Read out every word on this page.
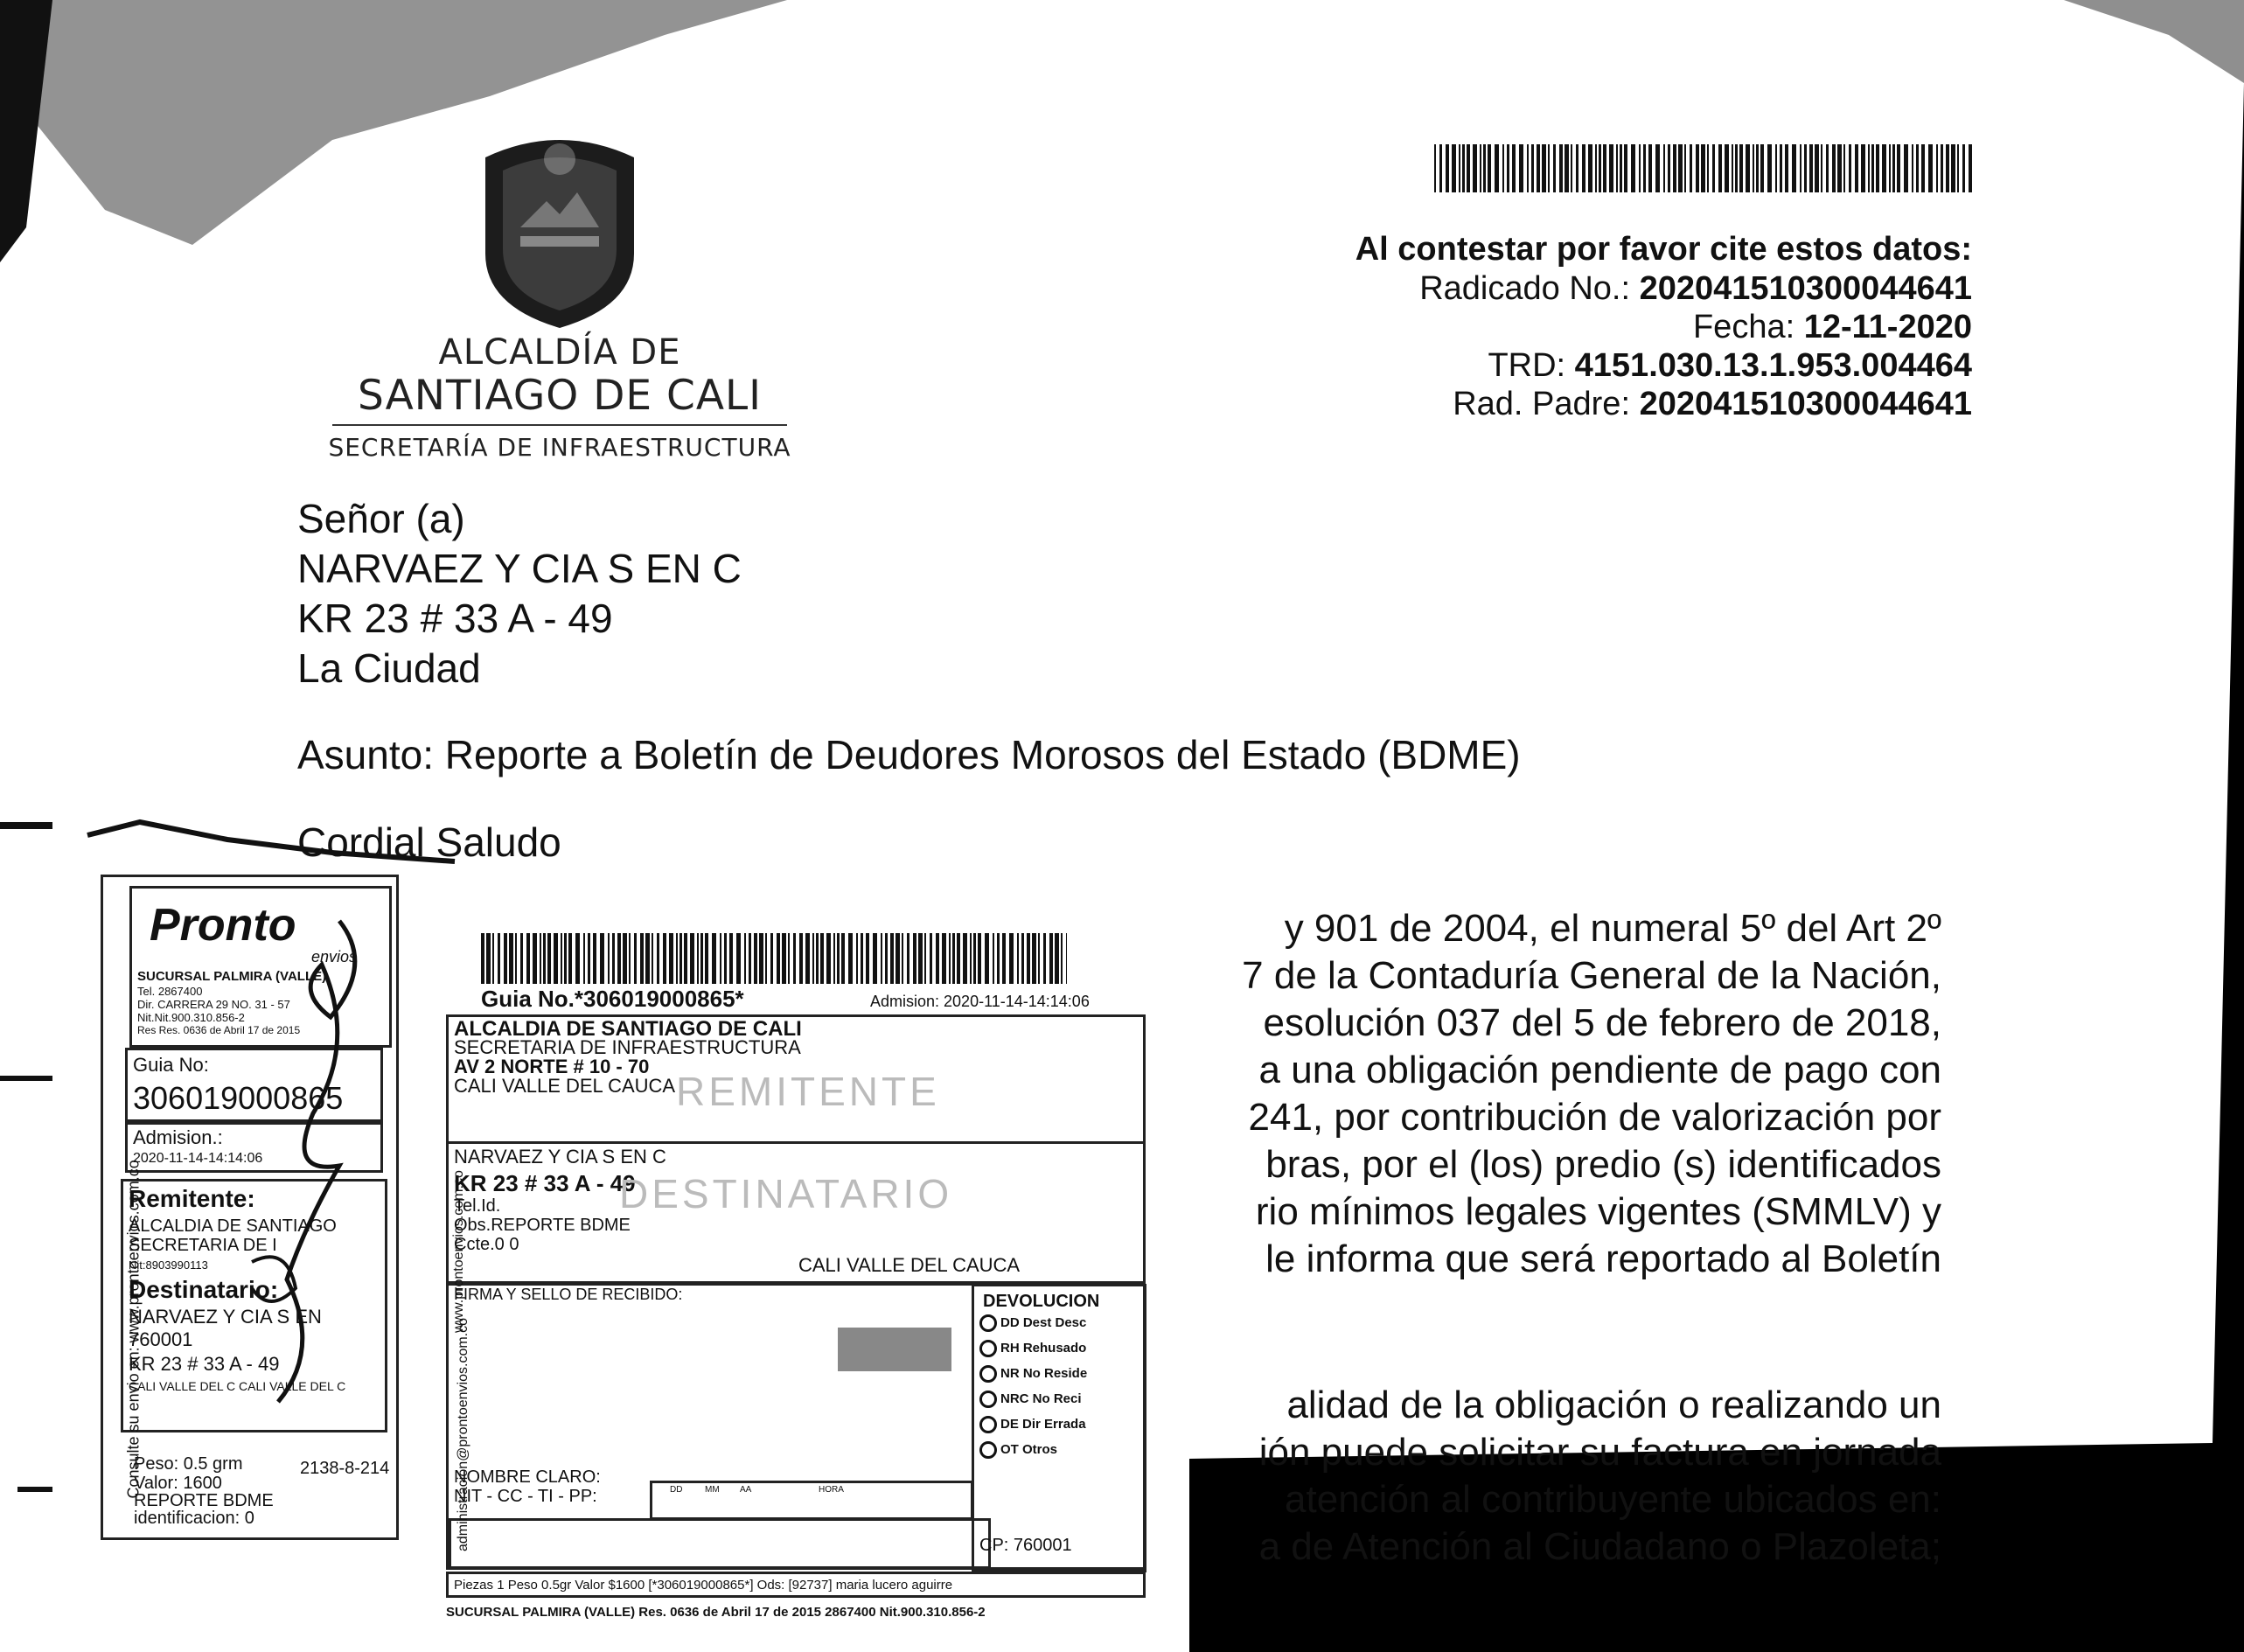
ALCALDÍA DE
SANTIAGO DE CALI
SECRETARÍA DE INFRAESTRUCTURA
Al contestar por favor cite estos datos:
Radicado No.: 202041510300044641
Fecha: 12-11-2020
TRD: 4151.030.13.1.953.004464
Rad. Padre: 202041510300044641
Señor (a)
NARVAEZ Y CIA S EN C
KR 23 # 33 A - 49
La Ciudad
Asunto: Reporte a Boletín de Deudores Morosos del Estado (BDME)
Cordial Saludo
y 901 de 2004, el numeral 5º del Art 2º
7 de la Contaduría General de la Nación,
esolución 037 del 5 de febrero de 2018,
a una obligación pendiente de pago con
241, por contribución de valorización por
bras, por el (los) predio (s) identificados
rio mínimos legales vigentes (SMMLV) y
le informa que será reportado al Boletín
alidad de la obligación o realizando un
ión puede solicitar su factura en jornada
atención al contribuyente ubicados en:
a de Atención al Ciudadano o Plazoleta;
Pronto
envios
SUCURSAL PALMIRA (VALLE)
Tel. 2867400
Dir. CARRERA 29 NO. 31 - 57
Nit.Nit.900.310.856-2
Res Res. 0636 de Abril 17 de 2015
Guia No:
306019000865
Admision.:
2020-11-14-14:14:06
Remitente:
ALCALDIA DE SANTIAGO
SECRETARIA DE I
Nit:8903990113
Destinatario:
NARVAEZ Y CIA S EN
760001
KR 23 # 33 A - 49
CALI VALLE DEL C CALI VALLE DEL C
Peso: 0.5 grm	2138-8-214
Valor: 1600
REPORTE BDME
identificacion: 0
Consulte su envio en: www.prontoenvios.com.co
Guia No.*306019000865*	Admision: 2020-11-14-14:14:06
ALCALDIA DE SANTIAGO DE CALI
SECRETARIA DE INFRAESTRUCTURA
AV 2 NORTE # 10 - 70
CALI VALLE DEL CAUCA REMITENTE
NARVAEZ Y CIA S EN C
KR 23 # 33 A - 49
Tel.Id.
Obs.REPORTE BDME
Ccte.0 0
CALI VALLE DEL CAUCA
DESTINATARIO
FIRMA Y SELLO DE RECIBIDO:
NOMBRE CLARO:
NIT - CC - TI - PP:	DD	MM AA	HORA
DEVOLUCION
DD Dest Desc
RH Rehusado
NR No Reside
NRC No Reci
DE Dir Errada
OT Otros
CP: 760001
Piezas 1 Peso 0.5gr Valor $1600 [*306019000865*] Ods: [92737] maria lucero aguirre
SUCURSAL PALMIRA (VALLE) Res. 0636 de Abril 17 de 2015 2867400 Nit.900.310.856-2
www.prontoenvios.com.co
administracion@prontoenvios.com.co
